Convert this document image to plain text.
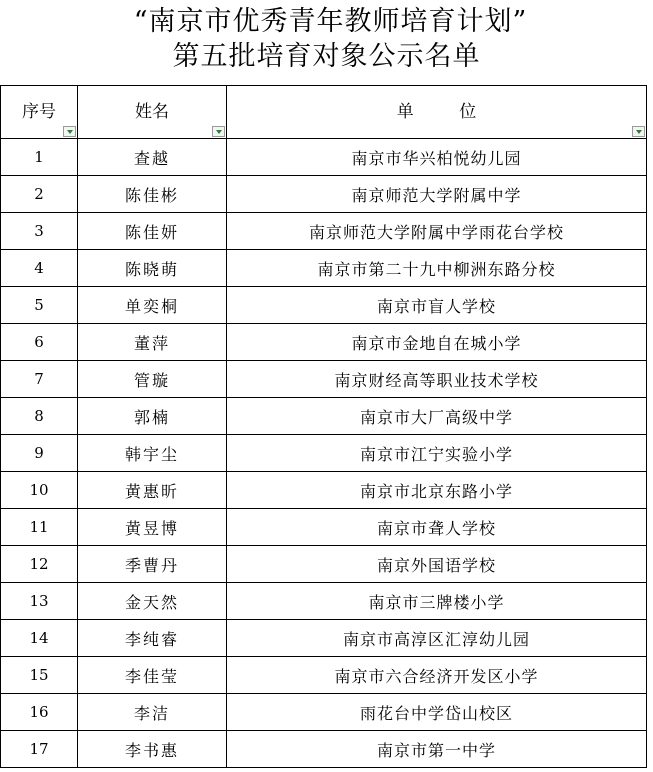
“南京市优秀青年教师培育计划”
第五批培育对象公示名单
序号	姓名	单 位

1	查越	南京市华兴柏悦幼儿园
2	陈佳彬	南京师范大学附属中学
3	陈佳妍	南京师范大学附属中学雨花台学校
4	陈晓萌	南京市第二十九中柳洲东路分校
5	单奕桐	南京市盲人学校
6	董萍	南京市金地自在城小学
7	管璇	南京财经高等职业技术学校
8	郭楠	南京市大厂高级中学
9	韩宇尘	南京市江宁实验小学
10	黄惠昕	南京市北京东路小学
11	黄昱博	南京市聋人学校
12	季曹丹	南京外国语学校
13	金天然	南京市三牌楼小学
14	李纯睿	南京市高淳区汇淳幼儿园
15	李佳莹	南京市六合经济开发区小学
16	李洁	雨花台中学岱山校区
17	李书惠	南京市第一中学
